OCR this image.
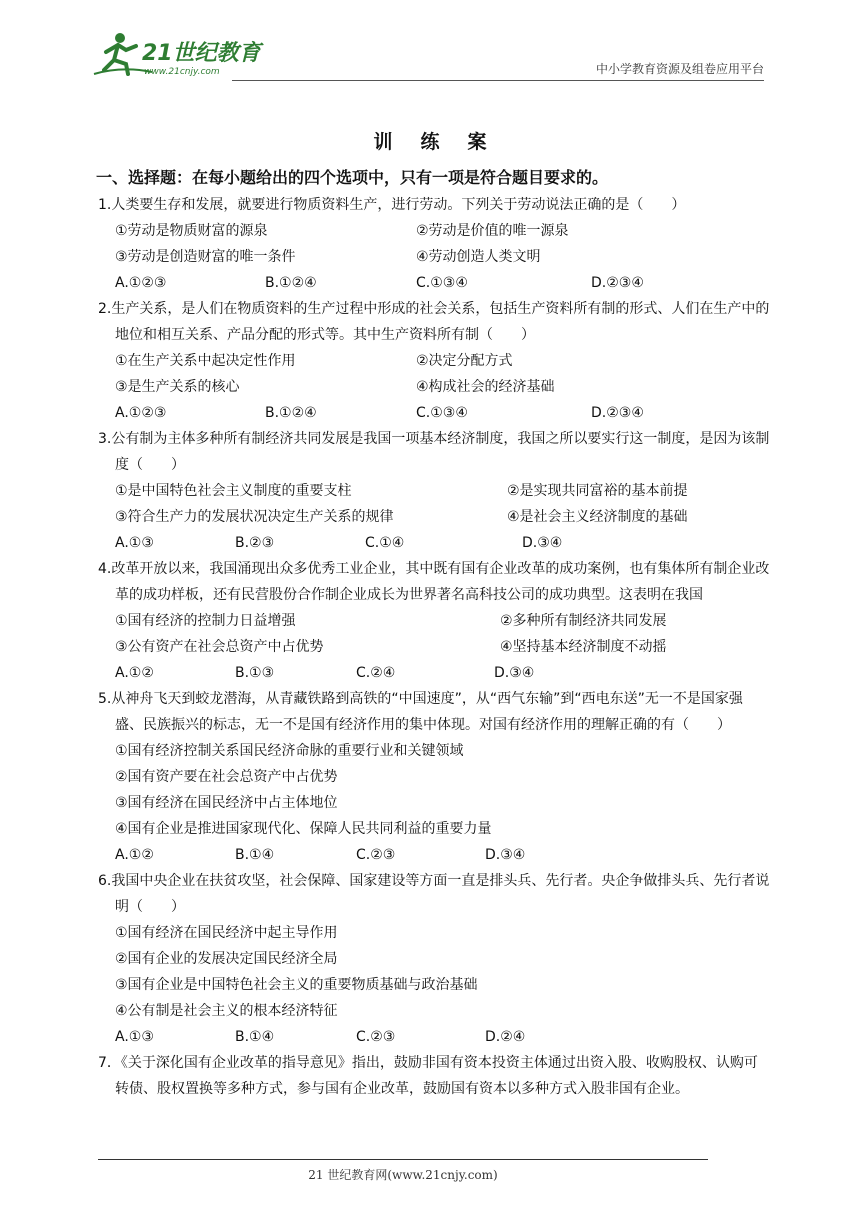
21世纪教育
www.21cnjy.com	中小学教育资源及组卷应用平台
训练案
一、选择题：在每小题给出的四个选项中，只有一项是符合题目要求的。

1.人类要生存和发展，就要进行物质资料生产，进行劳动。下列关于劳动说法正确的是（　　）

①劳动是物质财富的源泉	②劳动是价值的唯一源泉
③劳动是创造财富的唯一条件	④劳动创造人类文明
A.①②③	B.①②④	C.①③④	D.②③④

2.生产关系，是人们在物质资料的生产过程中形成的社会关系，包括生产资料所有制的形式、人们在生产中的地位和相互关系、产品分配的形式等。其中生产资料所有制（　　）

①在生产关系中起决定性作用	②决定分配方式
③是生产关系的核心	④构成社会的经济基础
A.①②③	B.①②④	C.①③④	D.②③④

3.公有制为主体多种所有制经济共同发展是我国一项基本经济制度，我国之所以要实行这一制度，是因为该制度（　　）

①是中国特色社会主义制度的重要支柱	②是实现共同富裕的基本前提
③符合生产力的发展状况决定生产关系的规律	④是社会主义经济制度的基础
A.①③	B.②③	C.①④	D.③④

4.改革开放以来，我国涌现出众多优秀工业企业，其中既有国有企业改革的成功案例，也有集体所有制企业改革的成功样板，还有民营股份合作制企业成长为世界著名高科技公司的成功典型。这表明在我国

①国有经济的控制力日益增强	②多种所有制经济共同发展
③公有资产在社会总资产中占优势	④坚持基本经济制度不动摇
A.①②	B.①③	C.②④	D.③④

5.从神舟飞天到蛟龙潜海，从青藏铁路到高铁的“中国速度”，从“西气东输”到“西电东送”无一不是国家强盛、民族振兴的标志，无一不是国有经济作用的集中体现。对国有经济作用的理解正确的有（　　）

①国有经济控制关系国民经济命脉的重要行业和关键领域
②国有资产要在社会总资产中占优势
③国有经济在国民经济中占主体地位
④国有企业是推进国家现代化、保障人民共同利益的重要力量
A.①②	B.①④	C.②③	D.③④

6.我国中央企业在扶贫攻坚，社会保障、国家建设等方面一直是排头兵、先行者。央企争做排头兵、先行者说明（　　）

①国有经济在国民经济中起主导作用
②国有企业的发展决定国民经济全局
③国有企业是中国特色社会主义的重要物质基础与政治基础
④公有制是社会主义的根本经济特征
A.①③	B.①④	C.②③	D.②④

7．《关于深化国有企业改革的指导意见》指出，鼓励非国有资本投资主体通过出资入股、收购股权、认购可转债、股权置换等多种方式，参与国有企业改革，鼓励国有资本以多种方式入股非国有企业。

21 世纪教育网(www.21cnjy.com)
